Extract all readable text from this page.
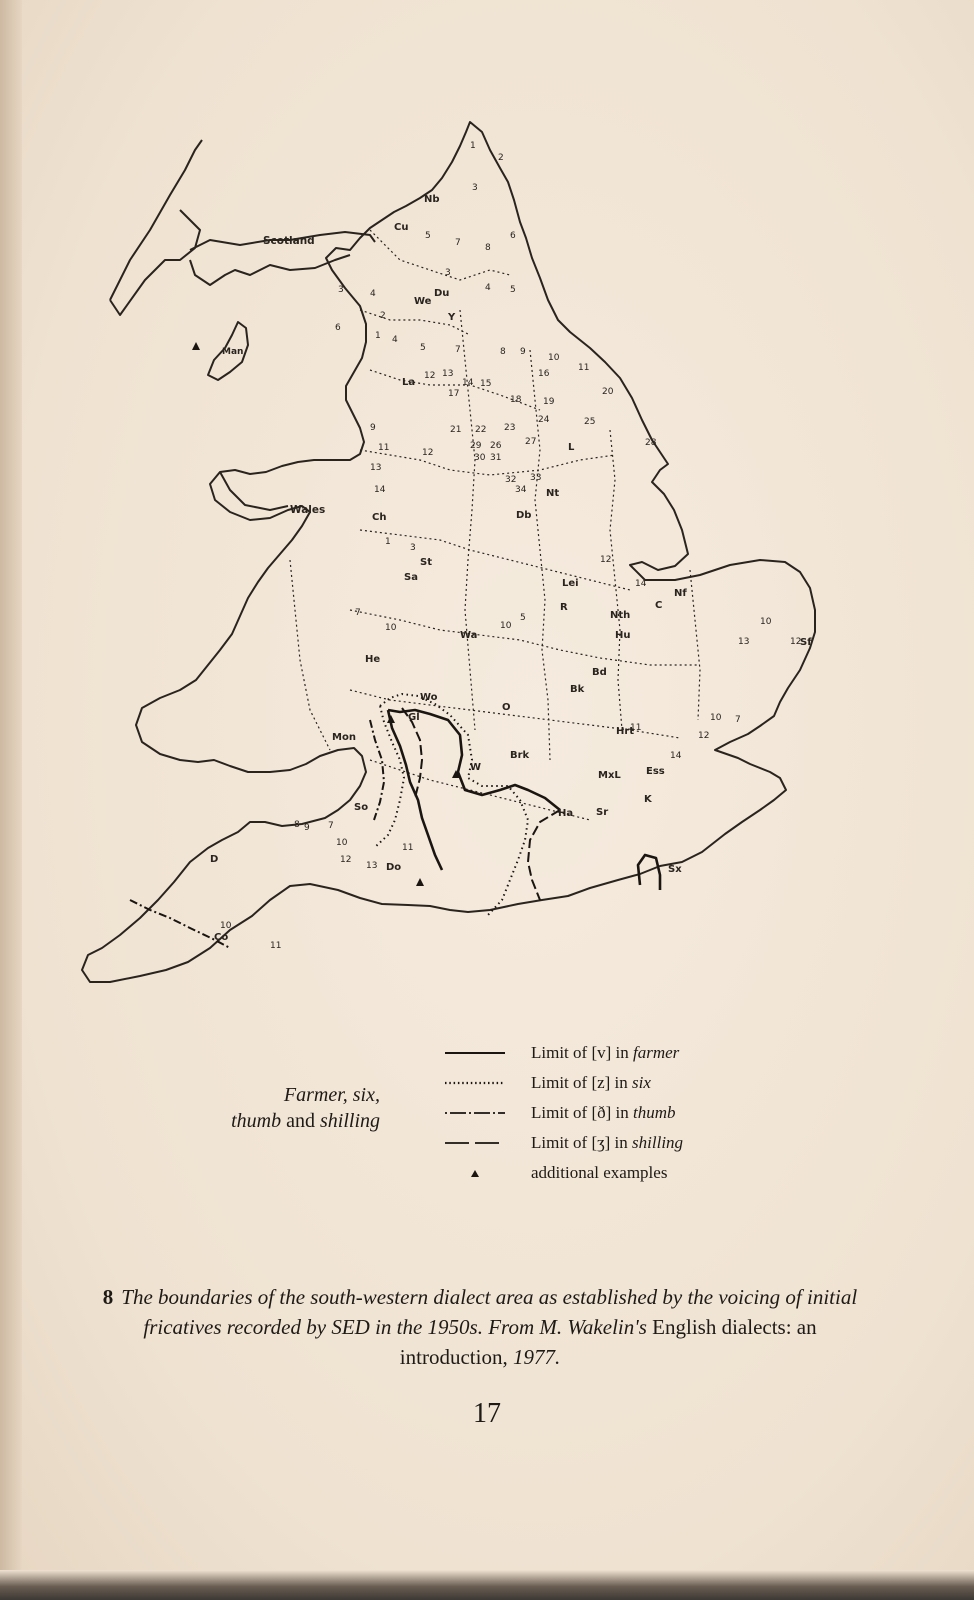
1
2
3
5
7	8
6
3
4 5
3	4
2
6
1 4
5	7	8 9
10
11
12 13
14 15
16
17
18 19
20
21 22 23
24	25
29 26	27
30 31
28
32 33
34
9
11	12
13
14
1
3
7
10	10
5
12
14
10
12
13
10 7
12
14
11
10
12
13
11
10
11
8 9 7
Scotland
Wales
Man
Nb
Cu
Du
We
Y
La
Ch	Db
Nt
L
St
Sa
Lei
R
Nth
C
Nf
Sf
Wa
He
Wo
Hu
Bd
Bk
Mon
Gl
O
Hrt
Brk
W
MxL	Ess
So	Sr
Ha
K
D
Do	Sx
Co
Farmer, six,
thumb and shilling
Limit of [v] in farmer
Limit of [z] in six
Limit of [ð] in thumb
Limit of [ʒ] in shilling
additional examples
8 The boundaries of the south-western dialect area as established by the voicing of initial fricatives recorded by SED in the 1950s. From M. Wakelin's English dialects: an introduction, 1977.
17
